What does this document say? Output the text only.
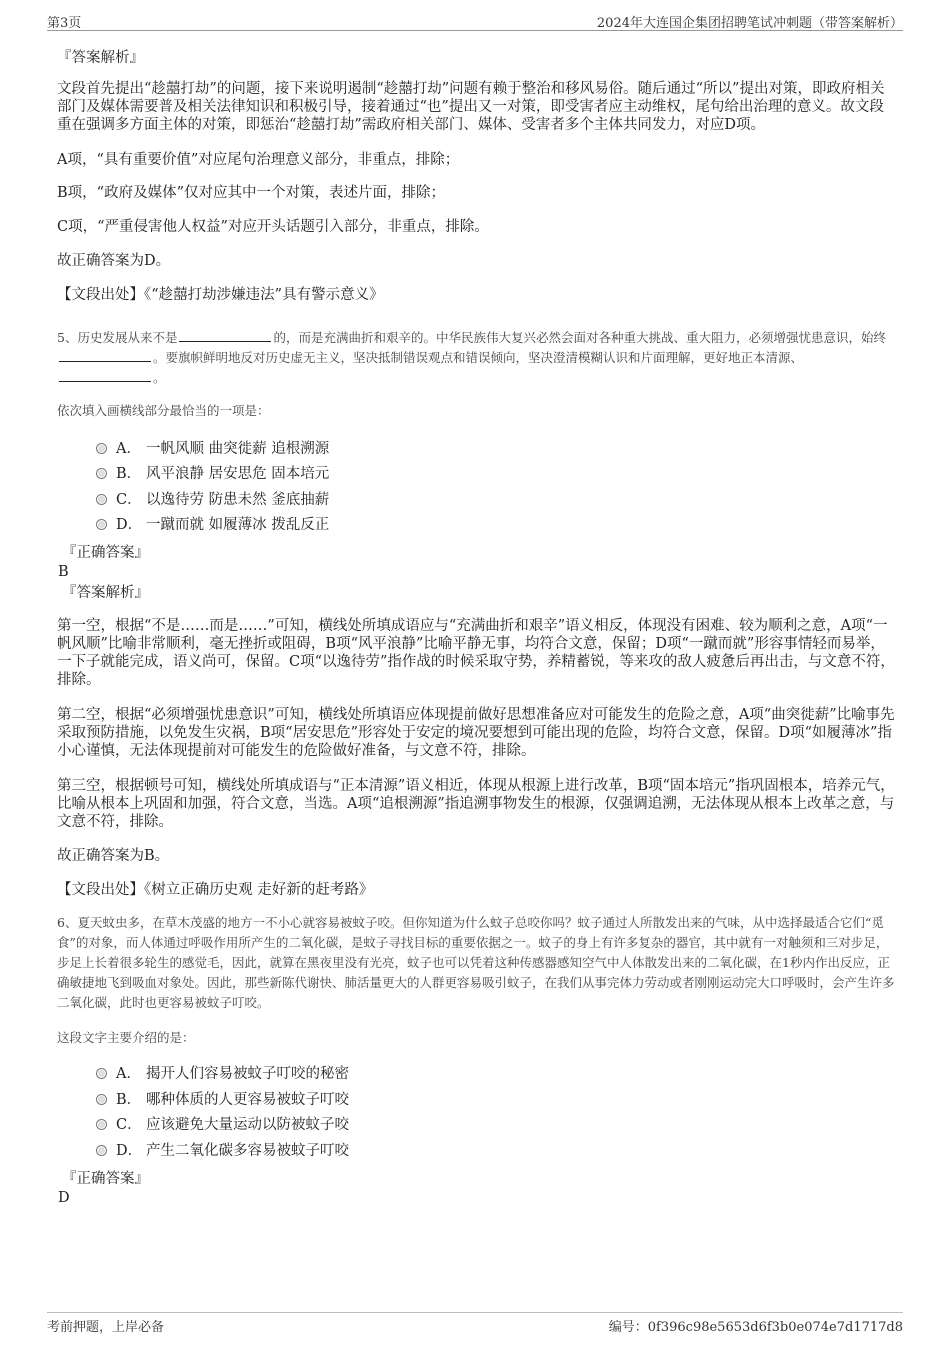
第3页	2024年大连国企集团招聘笔试冲刺题（带答案解析）
『答案解析』
文段首先提出“趁囍打劫”的问题，接下来说明遏制“趁囍打劫”问题有赖于整治和移风易俗。随后通过“所以”提出对策，即政府相关部门及媒体需要普及相关法律知识和积极引导，接着通过“也”提出又一对策，即受害者应主动维权，尾句给出治理的意义。故文段重在强调多方面主体的对策，即惩治“趁囍打劫”需政府相关部门、媒体、受害者多个主体共同发力，对应D项。
A项，“具有重要价值”对应尾句治理意义部分，非重点，排除；
B项，“政府及媒体”仅对应其中一个对策，表述片面，排除；
C项，“严重侵害他人权益”对应开头话题引入部分，非重点，排除。
故正确答案为D。
【文段出处】《“趁囍打劫涉嫌违法”具有警示意义》
5、历史发展从来不是	的，而是充满曲折和艰辛的。中华民族伟大复兴必然会面对各种重大挑战、重大阻力，必须增强忧患意识，始终。要旗帜鲜明地反对历史虚无主义，坚决抵制错误观点和错误倾向，坚决澄清模糊认识和片面理解，更好地正本清源、。
依次填入画横线部分最恰当的一项是：
A． 一帆风顺 曲突徙薪 追根溯源
B． 风平浪静 居安思危 固本培元
C． 以逸待劳 防患未然 釜底抽薪
D． 一蹴而就 如履薄冰 拨乱反正
『正确答案』
B
『答案解析』
第一空，根据“不是……而是……”可知，横线处所填成语应与“充满曲折和艰辛”语义相反，体现没有困难、较为顺利之意，A项“一帆风顺”比喻非常顺利，毫无挫折或阻碍，B项“风平浪静”比喻平静无事，均符合文意，保留；D项“一蹴而就”形容事情轻而易举，一下子就能完成，语义尚可，保留。C项“以逸待劳”指作战的时候采取守势，养精蓄锐，等来攻的敌人疲惫后再出击，与文意不符，排除。
第二空，根据“必须增强忧患意识”可知，横线处所填语应体现提前做好思想准备应对可能发生的危险之意，A项“曲突徙薪”比喻事先采取预防措施，以免发生灾祸，B项“居安思危”形容处于安定的境况要想到可能出现的危险，均符合文意，保留。D项“如履薄冰”指小心谨慎，无法体现提前对可能发生的危险做好准备，与文意不符，排除。
第三空，根据顿号可知，横线处所填成语与“正本清源”语义相近，体现从根源上进行改革，B项“固本培元”指巩固根本，培养元气，比喻从根本上巩固和加强，符合文意，当选。A项“追根溯源”指追溯事物发生的根源，仅强调追溯，无法体现从根本上改革之意，与文意不符，排除。
故正确答案为B。
【文段出处】《树立正确历史观 走好新的赶考路》
6、夏天蚊虫多，在草木茂盛的地方一不小心就容易被蚊子咬。但你知道为什么蚊子总咬你吗？蚊子通过人所散发出来的气味，从中选择最适合它们“觅食”的对象，而人体通过呼吸作用所产生的二氧化碳，是蚊子寻找目标的重要依据之一。蚊子的身上有许多复杂的器官，其中就有一对触须和三对步足，步足上长着很多轮生的感觉毛，因此，就算在黑夜里没有光亮，蚊子也可以凭着这种传感器感知空气中人体散发出来的二氧化碳，在1秒内作出反应，正确敏捷地飞到吸血对象处。因此，那些新陈代谢快、肺活量更大的人群更容易吸引蚊子，在我们从事完体力劳动或者刚刚运动完大口呼吸时，会产生许多二氧化碳，此时也更容易被蚊子叮咬。
这段文字主要介绍的是：
A． 揭开人们容易被蚊子叮咬的秘密
B． 哪种体质的人更容易被蚊子叮咬
C． 应该避免大量运动以防被蚊子咬
D． 产生二氧化碳多容易被蚊子叮咬
『正确答案』
D
考前押题，上岸必备	编号：0f396c98e5653d6f3b0e074e7d1717d8
